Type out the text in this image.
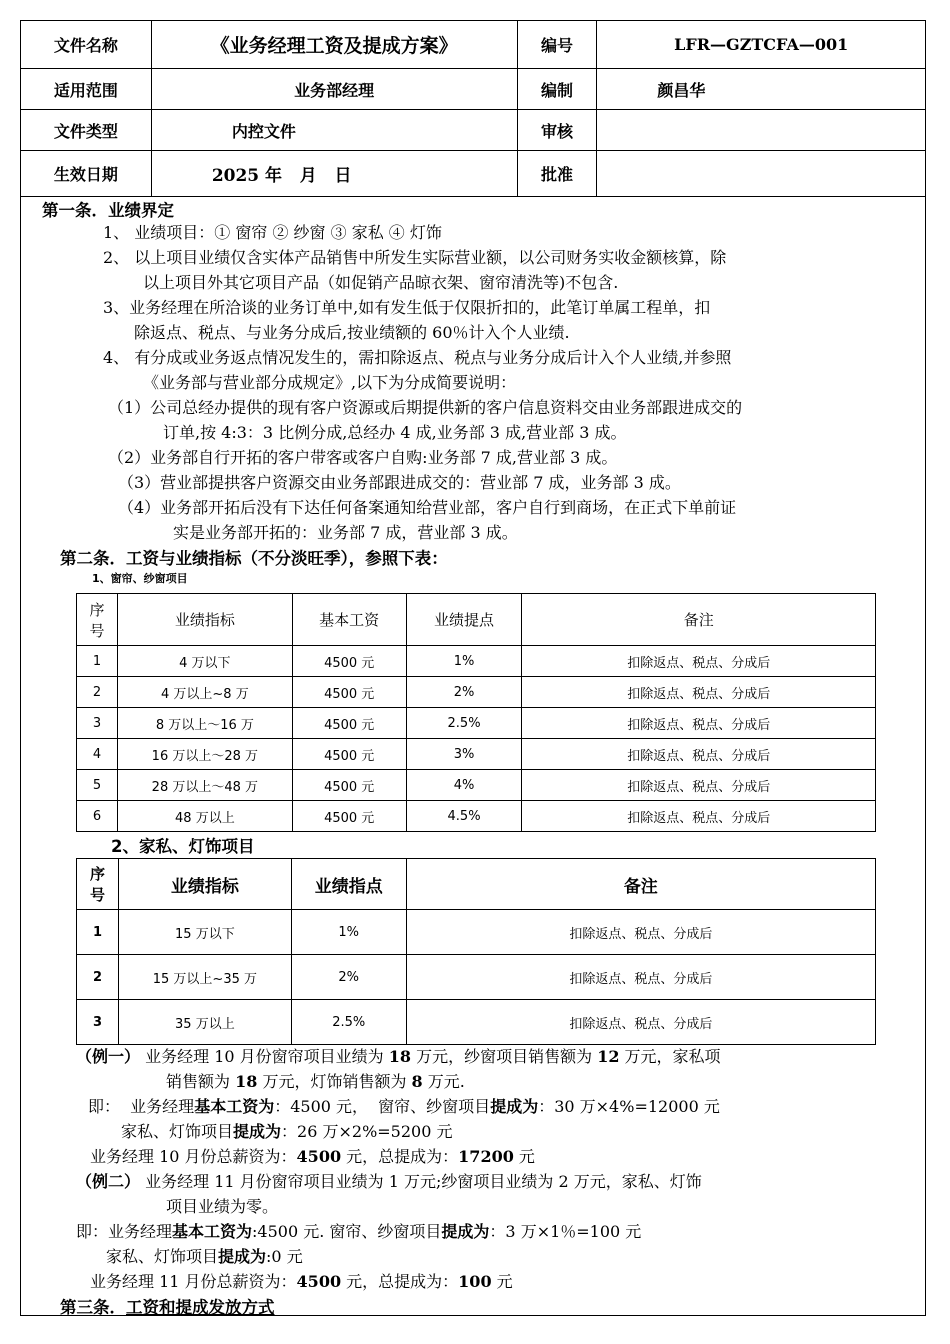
文件名称	《业务经理工资及提成方案》	编号	LFR—GZTCFA—001
适用范围	业务部经理	编制	颜昌华
文件类型	内控文件	审核	
生效日期	2025 年   月   日	批准	
第一条．业绩界定
1、 业绩项目：① 窗帘 ② 纱窗 ③ 家私 ④ 灯饰
2、 以上项目业绩仅含实体产品销售中所发生实际营业额，以公司财务实收金额核算，除
以上项目外其它项目产品（如促销产品晾衣架、窗帘清洗等)不包含.
3、业务经理在所洽谈的业务订单中,如有发生低于仅限折扣的，此笔订单属工程单，扣
除返点、税点、与业务分成后,按业绩额的 60％计入个人业绩.
4、 有分成或业务返点情况发生的，需扣除返点、税点与业务分成后计入个人业绩,并参照
《业务部与营业部分成规定》,以下为分成简要说明：
（1）公司总经办提供的现有客户资源或后期提供新的客户信息资料交由业务部跟进成交的
订单,按 4:3：3 比例分成,总经办 4 成,业务部 3 成,营业部 3 成。
（2）业务部自行开拓的客户带客或客户自购:业务部 7 成,营业部 3 成。
（3）营业部提拱客户资源交由业务部跟进成交的：营业部 7 成，业务部 3 成。
（4）业务部开拓后没有下达任何备案通知给营业部，客户自行到商场，在正式下单前证
实是业务部开拓的：业务部 7 成，营业部 3 成。
第二条．工资与业绩指标（不分淡旺季），参照下表：
1、窗帘、纱窗项目
序号	业绩指标	基本工资	业绩提点	备注
1	4 万以下	4500 元	1%	扣除返点、税点、分成后
2	4 万以上~8 万	4500 元	2%	扣除返点、税点、分成后
3	8 万以上～16 万	4500 元	2.5%	扣除返点、税点、分成后
4	16 万以上～28 万	4500 元	3%	扣除返点、税点、分成后
5	28 万以上～48 万	4500 元	4%	扣除返点、税点、分成后
6	48 万以上	4500 元	4.5%	扣除返点、税点、分成后
2、家私、灯饰项目
序号	业绩指标	业绩指点	备注
1	15 万以下	1%	扣除返点、税点、分成后
2	15 万以上~35 万	2%	扣除返点、税点、分成后
3	35 万以上	2.5%	扣除返点、税点、分成后
（例一） 业务经理 10 月份窗帘项目业绩为 18 万元，纱窗项目销售额为 12 万元，家私项
销售额为 18 万元，灯饰销售额为 8 万元.
即：  业务经理基本工资为：4500 元，  窗帘、纱窗项目提成为：30 万×4%=12000 元
家私、灯饰项目提成为：26 万×2%=5200 元
业务经理 10 月份总薪资为：4500 元，总提成为：17200 元
（例二） 业务经理 11 月份窗帘项目业绩为 1 万元;纱窗项目业绩为 2 万元，家私、灯饰
项目业绩为零。
即：业务经理基本工资为:4500 元. 窗帘、纱窗项目提成为：3 万×1％=100 元
家私、灯饰项目提成为:0 元
业务经理 11 月份总薪资为：4500 元，总提成为：100 元
第三条．工资和提成发放方式
